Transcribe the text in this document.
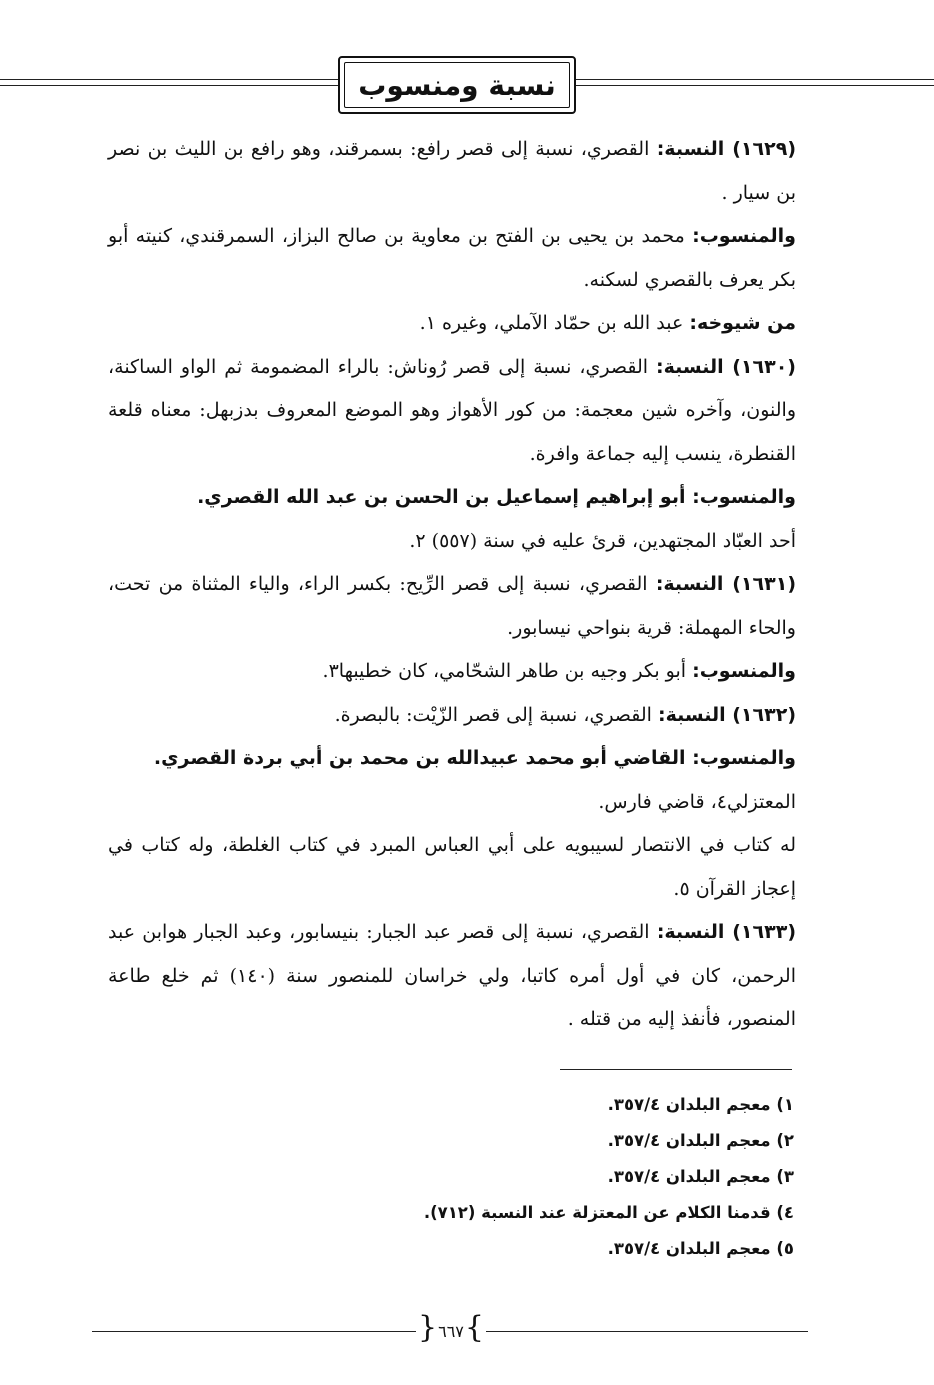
نسبة ومنسوب

(١٦٢٩) النسبة: القصري، نسبة إلى قصر رافع: بسمرقند، وهو رافع بن الليث بن نصر بن سيار .

والمنسوب: محمد بن يحيى بن الفتح بن معاوية بن صالح البزاز، السمرقندي، كنيته أبو بكر يعرف بالقصري لسكنه.

من شيوخه: عبد الله بن حمّاد الآملي، وغيره ١.

(١٦٣٠) النسبة: القصري، نسبة إلى قصر رُوناش: بالراء المضمومة ثم الواو الساكنة، والنون، وآخره شين معجمة: من كور الأهواز وهو الموضع المعروف بدزبهل: معناه قلعة القنطرة، ينسب إليه جماعة وافرة.

والمنسوب: أبو إبراهيم إسماعيل بن الحسن بن عبد الله القصري.

أحد العبّاد المجتهدين، قرئ عليه في سنة (٥٥٧) ٢.

(١٦٣١) النسبة: القصري، نسبة إلى قصر الرِّيح: بكسر الراء، والياء المثناة من تحت، والحاء المهملة: قرية بنواحي نيسابور.

والمنسوب: أبو بكر وجيه بن طاهر الشحّامي، كان خطيبها٣.

(١٦٣٢) النسبة: القصري، نسبة إلى قصر الزّيْت: بالبصرة.

والمنسوب: القاضي أبو محمد عبيدالله بن محمد بن أبي بردة القصري.

المعتزلي٤، قاضي فارس.

له كتاب في الانتصار لسيبويه على أبي العباس المبرد في كتاب الغلطة، وله كتاب في إعجاز القرآن ٥.

(١٦٣٣) النسبة: القصري، نسبة إلى قصر عبد الجبار: بنيسابور، وعبد الجبار هوابن عبد الرحمن، كان في أول أمره كاتبا، ولي خراسان للمنصور سنة (١٤٠) ثم خلع طاعة المنصور، فأنفذ إليه من قتله .

١) معجم البلدان ٣٥٧/٤.
٢) معجم البلدان ٣٥٧/٤.
٣) معجم البلدان ٣٥٧/٤.
٤) قدمنا الكلام عن المعتزلة عند النسبة (٧١٢).
٥) معجم البلدان ٣٥٧/٤.
{ ٦٦٧ }
